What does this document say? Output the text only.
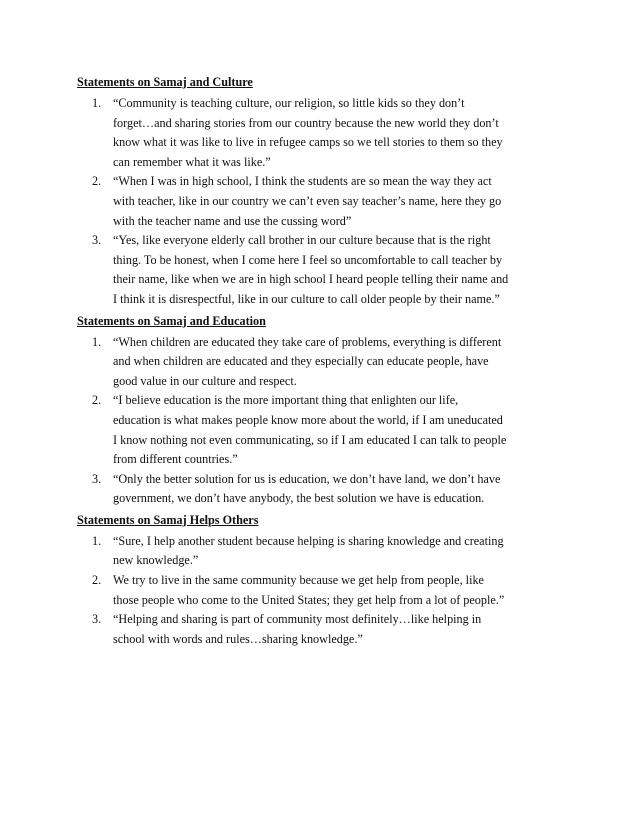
Statements on Samaj and Culture
1. “Community is teaching culture, our religion, so little kids so they don’t
forget…and sharing stories from our country because the new world they don’t
know what it was like to live in refugee camps so we tell stories to them so they
can remember what it was like.”
2. “When I was in high school, I think the students are so mean the way they act
with teacher, like in our country we can’t even say teacher’s name, here they go
with the teacher name and use the cussing word”
3. “Yes, like everyone elderly call brother in our culture because that is the right
thing. To be honest, when I come here I feel so uncomfortable to call teacher by
their name, like when we are in high school I heard people telling their name and
I think it is disrespectful, like in our culture to call older people by their name.”
Statements on Samaj and Education
1. “When children are educated they take care of problems, everything is different
and when children are educated and they especially can educate people, have
good value in our culture and respect.
2. “I believe education is the more important thing that enlighten our life,
education is what makes people know more about the world, if I am uneducated
I know nothing not even communicating, so if I am educated I can talk to people
from different countries.”
3. “Only the better solution for us is education, we don’t have land, we don’t have
government, we don’t have anybody, the best solution we have is education.
Statements on Samaj Helps Others
1. “Sure, I help another student because helping is sharing knowledge and creating
new knowledge.”
2. We try to live in the same community because we get help from people, like
those people who come to the United States; they get help from a lot of people.”
3. “Helping and sharing is part of community most definitely…like helping in
school with words and rules…sharing knowledge.”
